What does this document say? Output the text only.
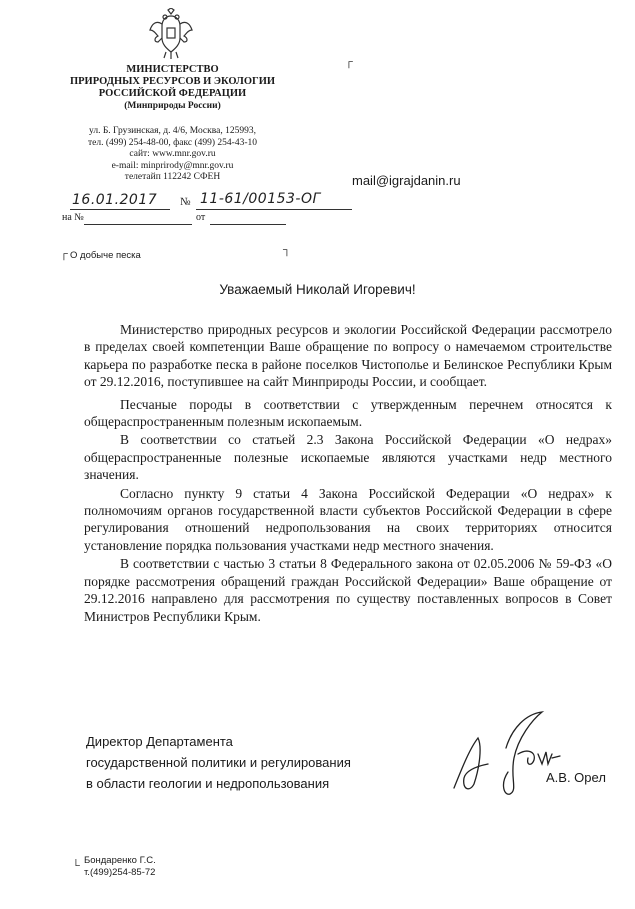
МИНИСТЕРСТВО
ПРИРОДНЫХ РЕСУРСОВ И ЭКОЛОГИИ
РОССИЙСКОЙ ФЕДЕРАЦИИ
(Минприроды России)
ул. Б. Грузинская, д. 4/6, Москва, 125993,
тел. (499) 254-48-00, факс (499) 254-43-10
сайт: www.mnr.gov.ru
e-mail: minprirody@mnr.gov.ru
телетайп 112242 СФЕН
┌
mail@igrajdanin.ru
16.01.2017 № 11-61/00153-ОГ
на №	от
┌ О добыче песка	┐
Уважаемый Николай Игоревич!

Министерство природных ресурсов и экологии Российской Федерации рассмотрело в пределах своей компетенции Ваше обращение по вопросу о намечаемом строительстве карьера по разработке песка в районе поселков Чистополье и Белинское Республики Крым от 29.12.2016, поступившее на сайт Минприроды России, и сообщает.

Песчаные породы в соответствии с утвержденным перечнем относятся к общераспространенным полезным ископаемым.

В соответствии со статьей 2.3 Закона Российской Федерации «О недрах» общераспространенные полезные ископаемые являются участками недр местного значения.

Согласно пункту 9 статьи 4 Закона Российской Федерации «О недрах» к полномочиям органов государственной власти субъектов Российской Федерации в сфере регулирования отношений недропользования на своих территориях относится установление порядка пользования участками недр местного значения.

В соответствии с частью 3 статьи 8 Федерального закона от 02.05.2006 № 59-ФЗ «О порядке рассмотрения обращений граждан Российской Федерации» Ваше обращение от 29.12.2016 направлено для рассмотрения по существу поставленных вопросов в Совет Министров Республики Крым.

Директор Департамента
государственной политики и регулирования
в области геологии и недропользования	А.В. Орел
└ Бондаренко Г.С.
т.(499)254-85-72
